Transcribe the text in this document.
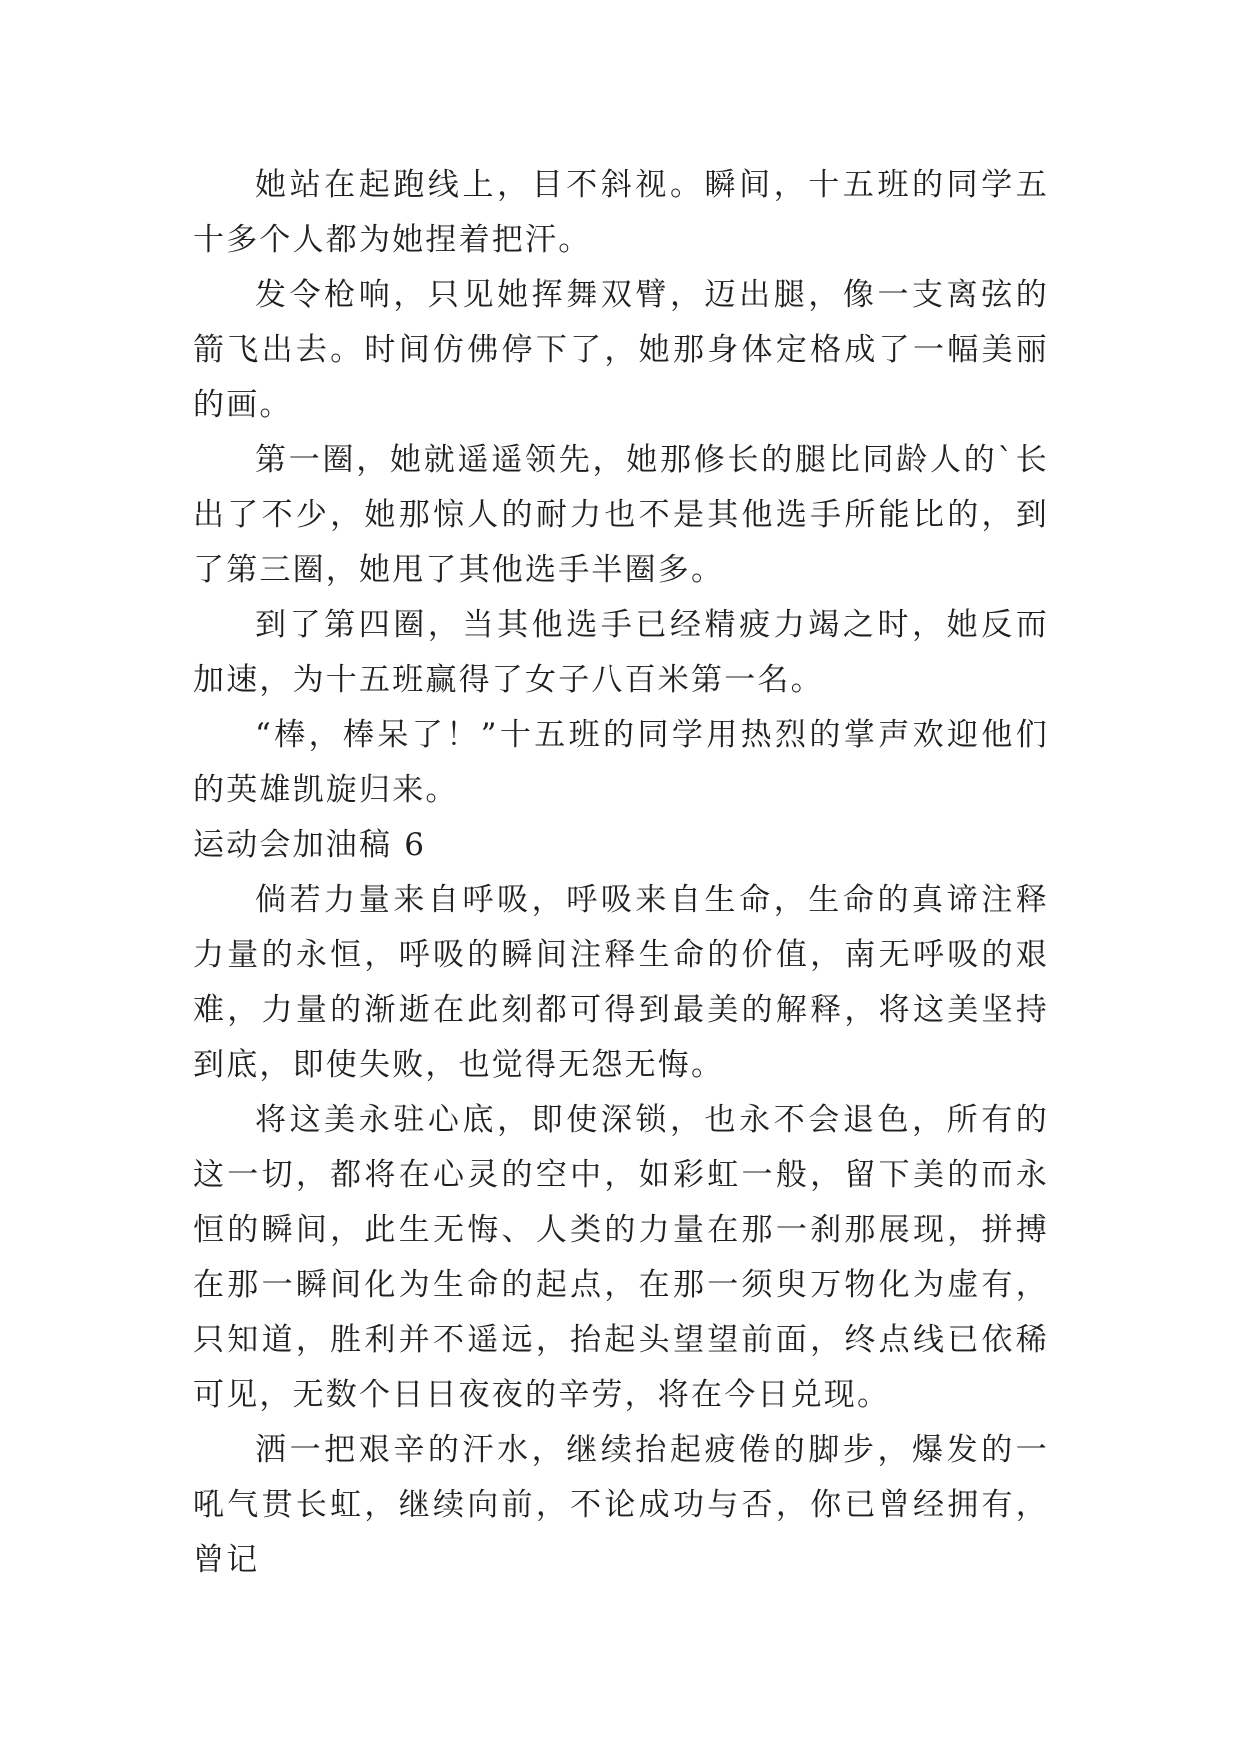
她站在起跑线上，目不斜视。瞬间，十五班的同学五十多个人都为她捏着把汗。

发令枪响，只见她挥舞双臂，迈出腿，像一支离弦的箭飞出去。时间仿佛停下了，她那身体定格成了一幅美丽的画。

第一圈，她就遥遥领先，她那修长的腿比同龄人的`长出了不少，她那惊人的耐力也不是其他选手所能比的，到了第三圈，她甩了其他选手半圈多。

到了第四圈，当其他选手已经精疲力竭之时，她反而加速，为十五班赢得了女子八百米第一名。

“棒，棒呆了！”十五班的同学用热烈的掌声欢迎他们的英雄凯旋归来。

运动会加油稿 6

倘若力量来自呼吸，呼吸来自生命，生命的真谛注释力量的永恒，呼吸的瞬间注释生命的价值，南无呼吸的艰难，力量的渐逝在此刻都可得到最美的解释，将这美坚持到底，即使失败，也觉得无怨无悔。

将这美永驻心底，即使深锁，也永不会退色，所有的这一切，都将在心灵的空中，如彩虹一般，留下美的而永恒的瞬间，此生无悔、人类的力量在那一刹那展现，拼搏在那一瞬间化为生命的起点，在那一须臾万物化为虚有，只知道，胜利并不遥远，抬起头望望前面，终点线已依稀可见，无数个日日夜夜的辛劳，将在今日兑现。

洒一把艰辛的汗水，继续抬起疲倦的脚步，爆发的一吼气贯长虹，继续向前，不论成功与否，你已曾经拥有，曾记
